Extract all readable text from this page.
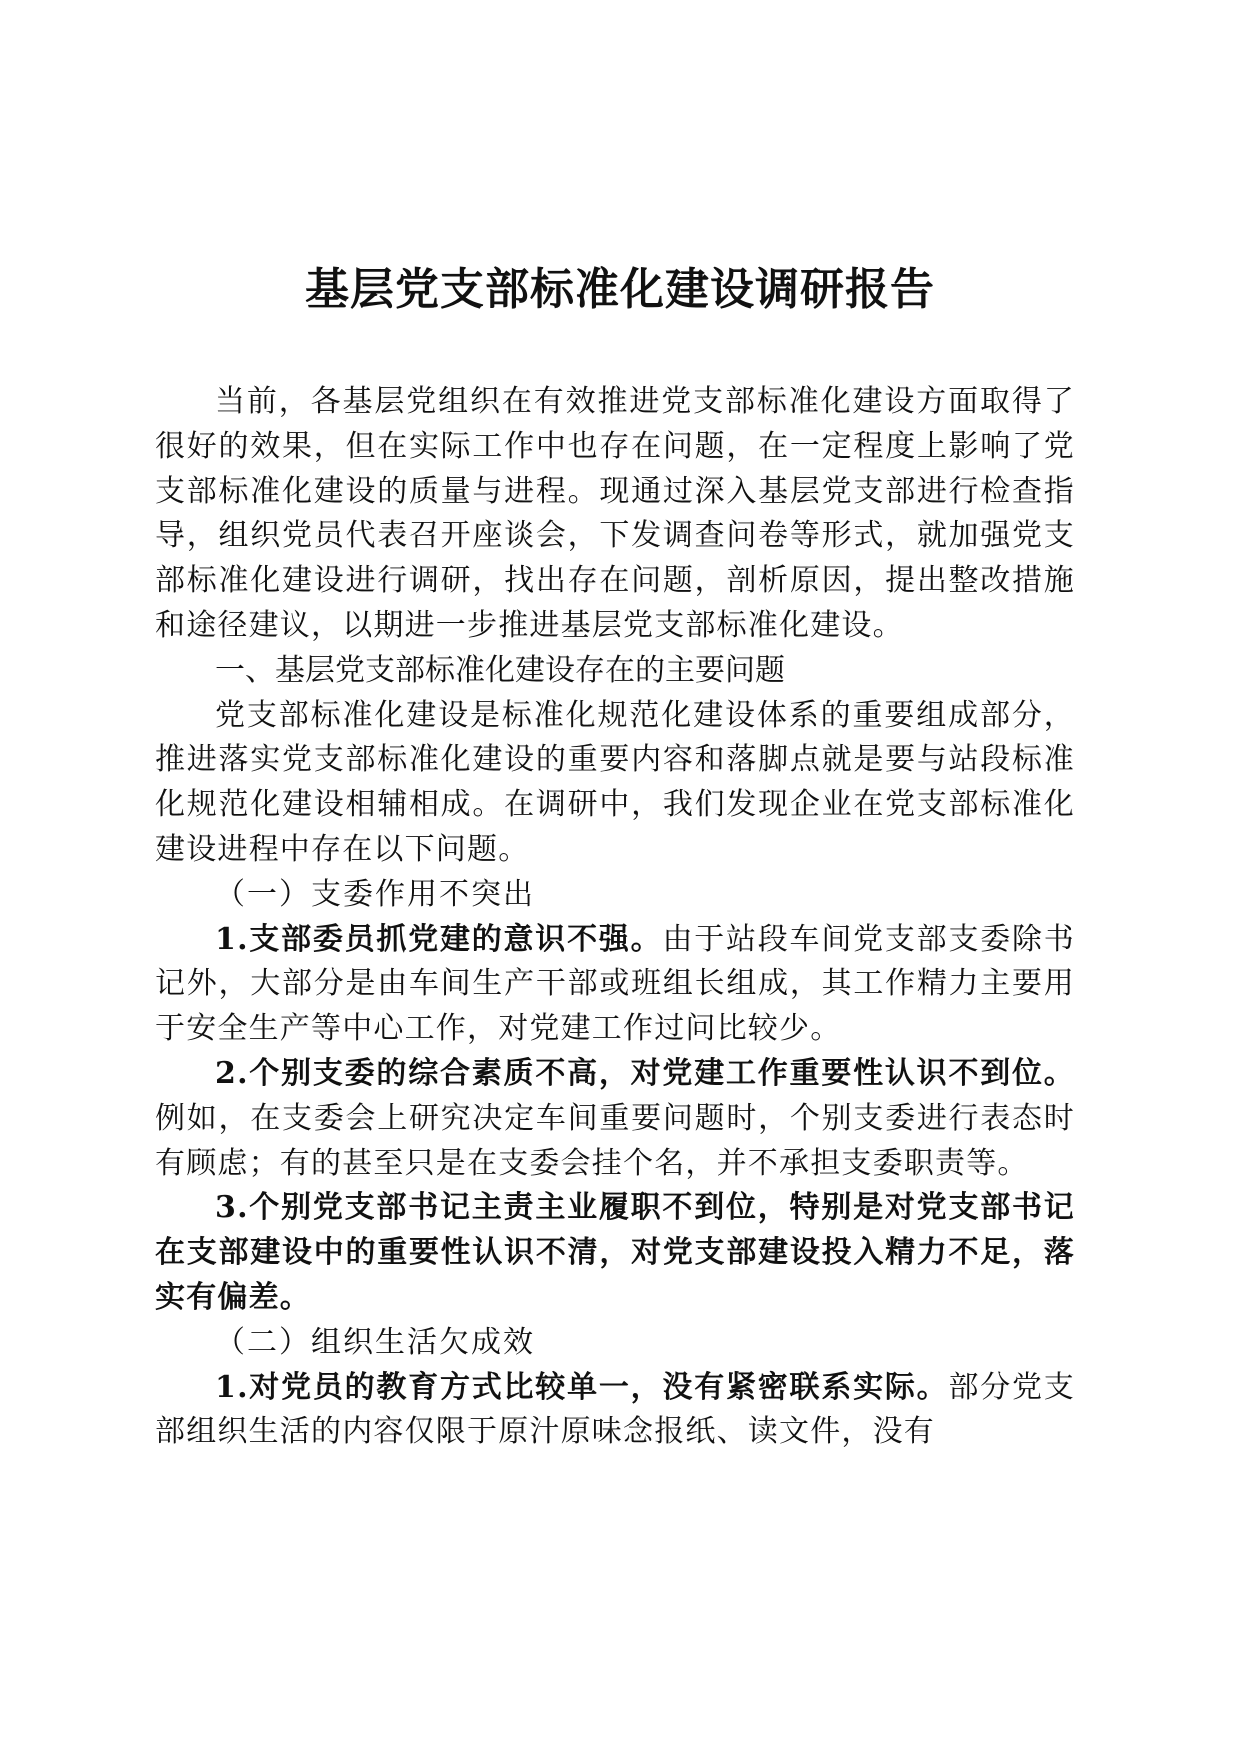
基层党支部标准化建设调研报告

当前，各基层党组织在有效推进党支部标准化建设方面取得了很好的效果，但在实际工作中也存在问题，在一定程度上影响了党支部标准化建设的质量与进程。现通过深入基层党支部进行检查指导，组织党员代表召开座谈会，下发调查问卷等形式，就加强党支部标准化建设进行调研，找出存在问题，剖析原因，提出整改措施和途径建议，以期进一步推进基层党支部标准化建设。

一、基层党支部标准化建设存在的主要问题

党支部标准化建设是标准化规范化建设体系的重要组成部分，推进落实党支部标准化建设的重要内容和落脚点就是要与站段标准化规范化建设相辅相成。在调研中，我们发现企业在党支部标准化建设进程中存在以下问题。

（一）支委作用不突出

1.支部委员抓党建的意识不强。由于站段车间党支部支委除书记外，大部分是由车间生产干部或班组长组成，其工作精力主要用于安全生产等中心工作，对党建工作过问比较少。

2.个别支委的综合素质不高，对党建工作重要性认识不到位。例如，在支委会上研究决定车间重要问题时，个别支委进行表态时有顾虑；有的甚至只是在支委会挂个名，并不承担支委职责等。

3.个别党支部书记主责主业履职不到位，特别是对党支部书记在支部建设中的重要性认识不清，对党支部建设投入精力不足，落实有偏差。

（二）组织生活欠成效

1.对党员的教育方式比较单一，没有紧密联系实际。部分党支部组织生活的内容仅限于原汁原味念报纸、读文件，没有
